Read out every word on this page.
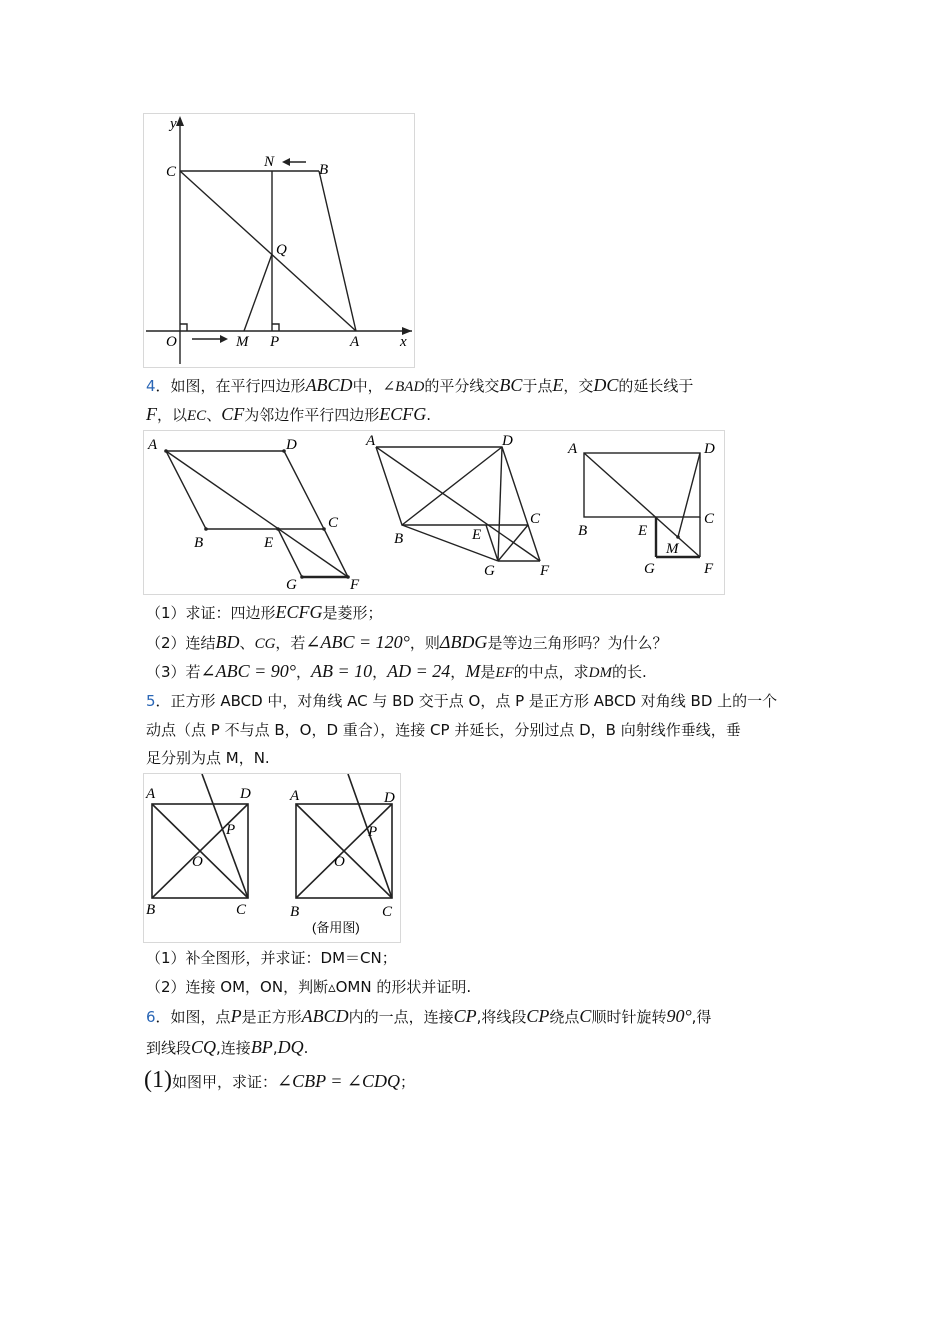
y
C
N	B
Q
O	M P	A	x
4．如图，在平行四边形ABCD中，∠BAD的平分线交BC于点E，交DC的延长线于
F，以EC、CF为邻边作平行四边形ECFG.
A	D
B	E
C
G	F
A	D
B	E
C
G	F
A	D
B	E
C
M
G	F
（1）求证：四边形ECFG是菱形；
（2）连结BD、CG，若∠ABC = 120°，则ΔBDG是等边三角形吗？为什么？
（3）若∠ABC = 90°，AB = 10，AD = 24，M是EF的中点，求DM的长.
5．正方形 ABCD 中，对角线 AC 与 BD 交于点 O，点 P 是正方形 ABCD 对角线 BD 上的一个
动点（点 P 不与点 B，O，D 重合），连接 CP 并延长，分别过点 D，B 向射线作垂线，垂
足分别为点 M，N.
A	D
P
O
B	C
A	D
P
O
B	C
(备用图)
（1）补全图形，并求证：DM＝CN；
（2）连接 OM，ON，判断▵OMN 的形状并证明.
6．如图，点P是正方形ABCD内的一点，连接CP,将线段CP绕点C顺时针旋转90°,得
到线段CQ,连接BP,DQ.
(1)如图甲，求证：∠CBP = ∠CDQ；
